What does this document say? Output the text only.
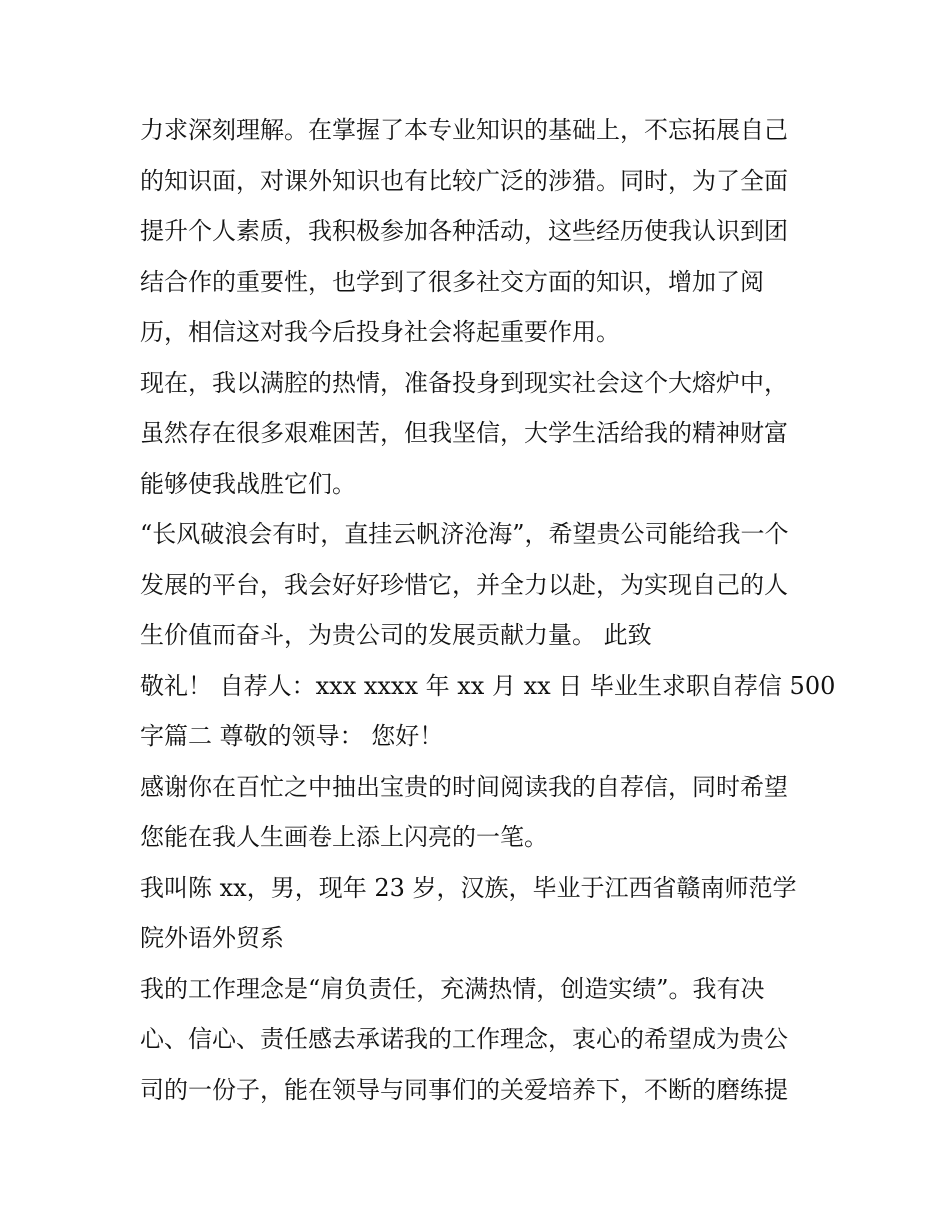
力求深刻理解。在掌握了本专业知识的基础上，不忘拓展自己
的知识面，对课外知识也有比较广泛的涉猎。同时，为了全面
提升个人素质，我积极参加各种活动，这些经历使我认识到团
结合作的重要性，也学到了很多社交方面的知识，增加了阅
历，相信这对我今后投身社会将起重要作用。
现在，我以满腔的热情，准备投身到现实社会这个大熔炉中，
虽然存在很多艰难困苦，但我坚信，大学生活给我的精神财富
能够使我战胜它们。
“长风破浪会有时，直挂云帆济沧海”，希望贵公司能给我一个
发展的平台，我会好好珍惜它，并全力以赴，为实现自己的人
生价值而奋斗，为贵公司的发展贡献力量。 此致
敬礼！ 自荐人：xxx xxxx 年 xx 月 xx 日 毕业生求职自荐信 500
字篇二 尊敬的领导： 您好！
感谢你在百忙之中抽出宝贵的时间阅读我的自荐信，同时希望
您能在我人生画卷上添上闪亮的一笔。
我叫陈 xx，男，现年 23 岁，汉族，毕业于江西省赣南师范学
院外语外贸系
我的工作理念是“肩负责任，充满热情，创造实绩”。我有决
心、信心、责任感去承诺我的工作理念，衷心的希望成为贵公
司的一份子，能在领导与同事们的关爱培养下，不断的磨练提
